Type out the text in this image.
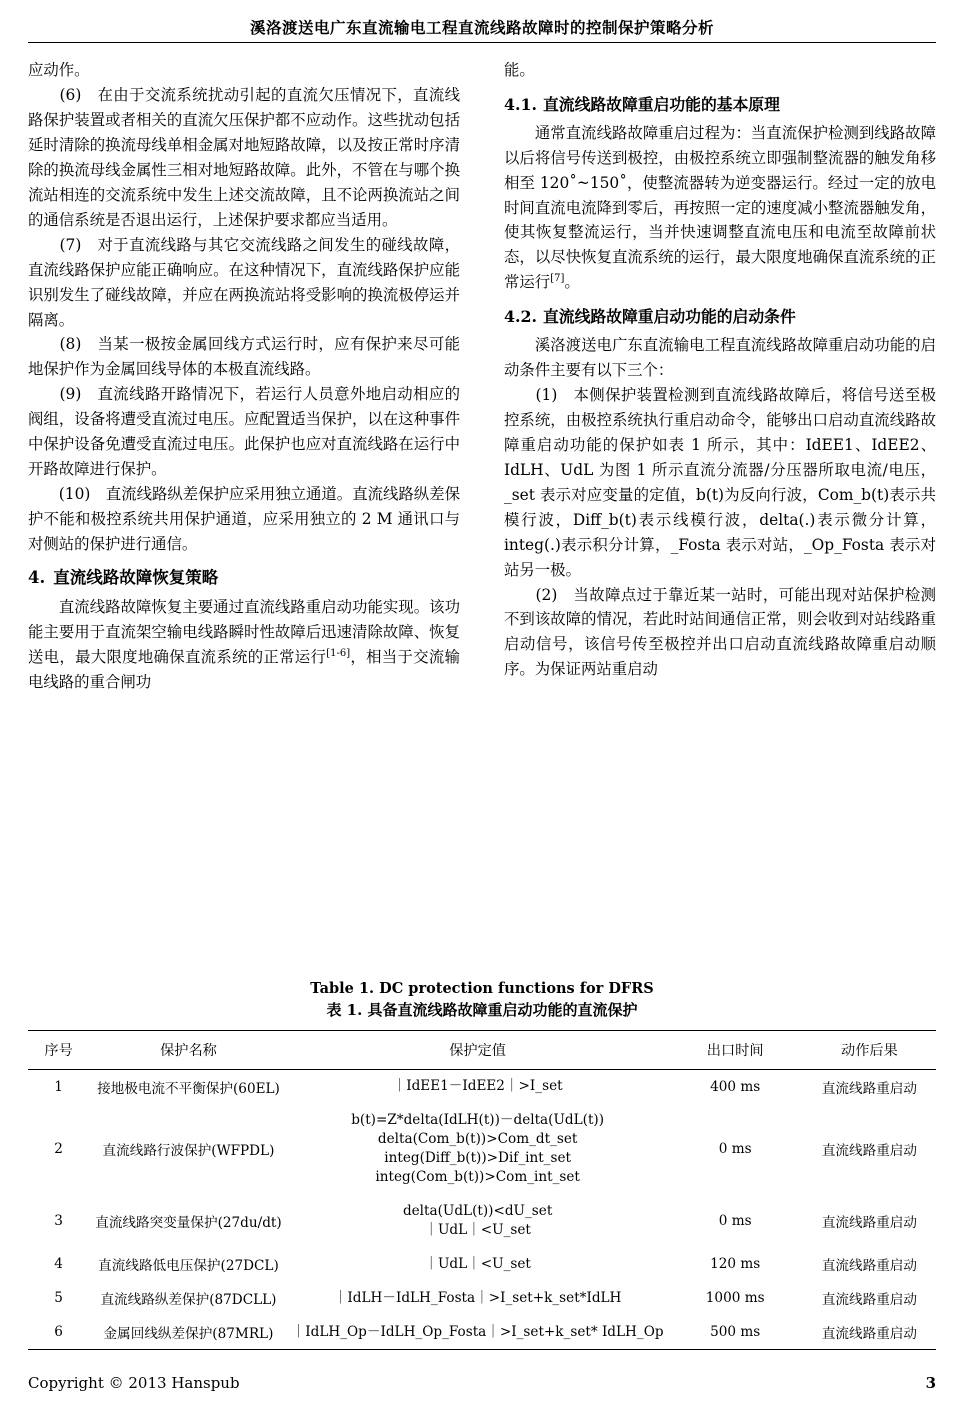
溪洛渡送电广东直流输电工程直流线路故障时的控制保护策略分析

应动作。

　　(6)　在由于交流系统扰动引起的直流欠压情况下，直流线路保护装置或者相关的直流欠压保护都不应动作。这些扰动包括延时清除的换流母线单相金属对地短路故障，以及按正常时序清除的换流母线金属性三相对地短路故障。此外，不管在与哪个换流站相连的交流系统中发生上述交流故障，且不论两换流站之间的通信系统是否退出运行，上述保护要求都应当适用。

　　(7)　对于直流线路与其它交流线路之间发生的碰线故障，直流线路保护应能正确响应。在这种情况下，直流线路保护应能识别发生了碰线故障，并应在两换流站将受影响的换流极停运并隔离。

　　(8)　当某一极按金属回线方式运行时，应有保护来尽可能地保护作为金属回线导体的本极直流线路。

　　(9)　直流线路开路情况下，若运行人员意外地启动相应的阀组，设备将遭受直流过电压。应配置适当保护，以在这种事件中保护设备免遭受直流过电压。此保护也应对直流线路在运行中开路故障进行保护。

　　(10)　直流线路纵差保护应采用独立通道。直流线路纵差保护不能和极控系统共用保护通道，应采用独立的 2 M 通讯口与对侧站的保护进行通信。

4. 直流线路故障恢复策略

　　直流线路故障恢复主要通过直流线路重启动功能实现。该功能主要用于直流架空输电线路瞬时性故障后迅速清除故障、恢复送电，最大限度地确保直流系统的正常运行[1-6]，相当于交流输电线路的重合闸功

能。

4.1. 直流线路故障重启功能的基本原理

　　通常直流线路故障重启过程为：当直流保护检测到线路故障以后将信号传送到极控，由极控系统立即强制整流器的触发角移相至 120˚~150˚，使整流器转为逆变器运行。经过一定的放电时间直流电流降到零后，再按照一定的速度减小整流器触发角，使其恢复整流运行，当并快速调整直流电压和电流至故障前状态，以尽快恢复直流系统的运行，最大限度地确保直流系统的正常运行[7]。

4.2. 直流线路故障重启动功能的启动条件

　　溪洛渡送电广东直流输电工程直流线路故障重启动功能的启动条件主要有以下三个：

　　(1)　本侧保护装置检测到直流线路故障后，将信号送至极控系统，由极控系统执行重启动命令，能够出口启动直流线路故障重启动功能的保护如表 1 所示，其中：IdEE1、IdEE2、IdLH、UdL 为图 1 所示直流分流器/分压器所取电流/电压，_set 表示对应变量的定值，b(t)为反向行波，Com_b(t)表示共模行波，Diff_b(t)表示线模行波，delta(.)表示微分计算，integ(.)表示积分计算，_Fosta 表示对站，_Op_Fosta 表示对站另一极。

　　(2)　当故障点过于靠近某一站时，可能出现对站保护检测不到该故障的情况，若此时站间通信正常，则会收到对站线路重启动信号，该信号传至极控并出口启动直流线路故障重启动顺序。为保证两站重启动

Table 1. DC protection functions for DFRS
表 1. 具备直流线路故障重启动功能的直流保护
序号	保护名称	保护定值	出口时间	动作后果
1	接地极电流不平衡保护(60EL)	｜IdEE1－IdEE2｜>I_set	400 ms	直流线路重启动
2	直流线路行波保护(WFPDL)	b(t)=Z*delta(IdLH(t))－delta(UdL(t))
delta(Com_b(t))>Com_dt_set
integ(Diff_b(t))>Dif_int_set
integ(Com_b(t))>Com_int_set	0 ms	直流线路重启动
3	直流线路突变量保护(27du/dt)	delta(UdL(t))<dU_set
｜UdL｜<U_set	0 ms	直流线路重启动
4	直流线路低电压保护(27DCL)	｜UdL｜<U_set	120 ms	直流线路重启动
5	直流线路纵差保护(87DCLL)	｜IdLH－IdLH_Fosta｜>I_set+k_set*IdLH	1000 ms	直流线路重启动
6	金属回线纵差保护(87MRL)	｜IdLH_Op－IdLH_Op_Fosta｜>I_set+k_set* IdLH_Op	500 ms	直流线路重启动
Copyright © 2013 Hanspub	3
